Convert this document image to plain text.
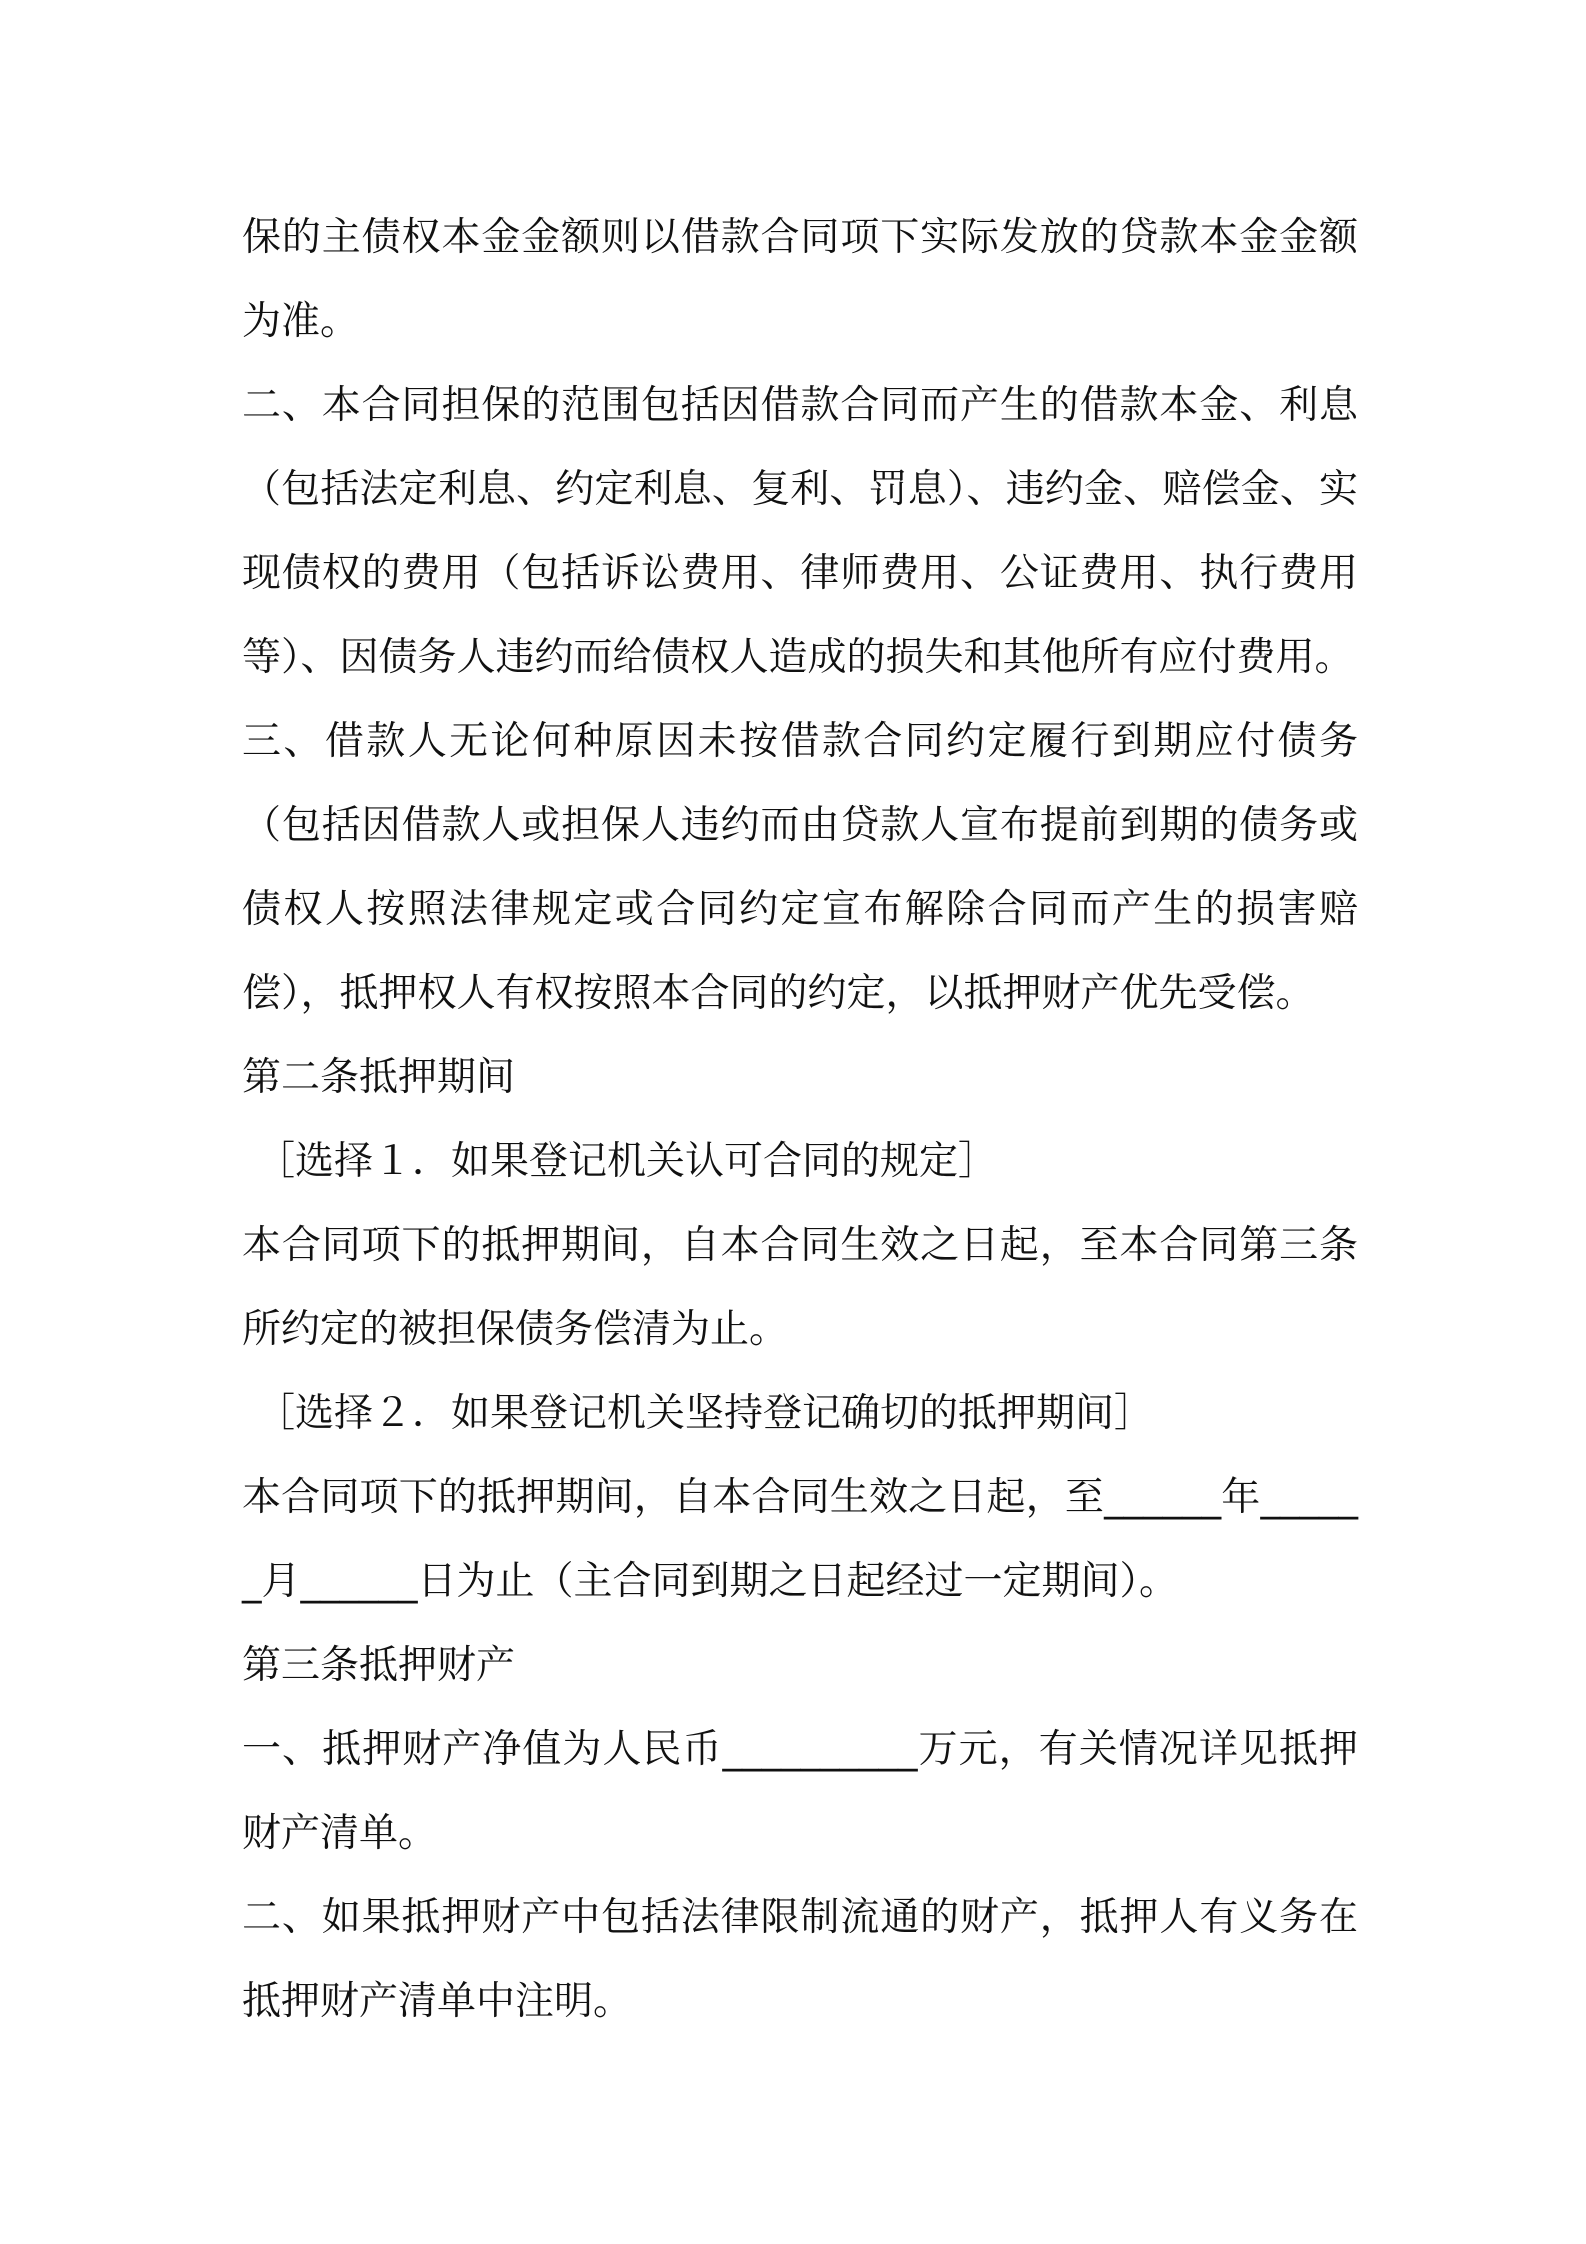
保的主债权本金金额则以借款合同项下实际发放的贷款本金金额为准。

二、本合同担保的范围包括因借款合同而产生的借款本金、利息（包括法定利息、约定利息、复利、罚息）、违约金、赔偿金、实现债权的费用（包括诉讼费用、律师费用、公证费用、执行费用等）、因债务人违约而给债权人造成的损失和其他所有应付费用。

三、借款人无论何种原因未按借款合同约定履行到期应付债务（包括因借款人或担保人违约而由贷款人宣布提前到期的债务或债权人按照法律规定或合同约定宣布解除合同而产生的损害赔偿），抵押权人有权按照本合同的约定，以抵押财产优先受偿。

第二条抵押期间

［选择１．如果登记机关认可合同的规定］

本合同项下的抵押期间，自本合同生效之日起，至本合同第三条所约定的被担保债务偿清为止。

［选择２．如果登记机关坚持登记确切的抵押期间］

本合同项下的抵押期间，自本合同生效之日起，至______年______月______日为止（主合同到期之日起经过一定期间）。

第三条抵押财产

一、抵押财产净值为人民币__________万元，有关情况详见抵押财产清单。

二、如果抵押财产中包括法律限制流通的财产，抵押人有义务在抵押财产清单中注明。
